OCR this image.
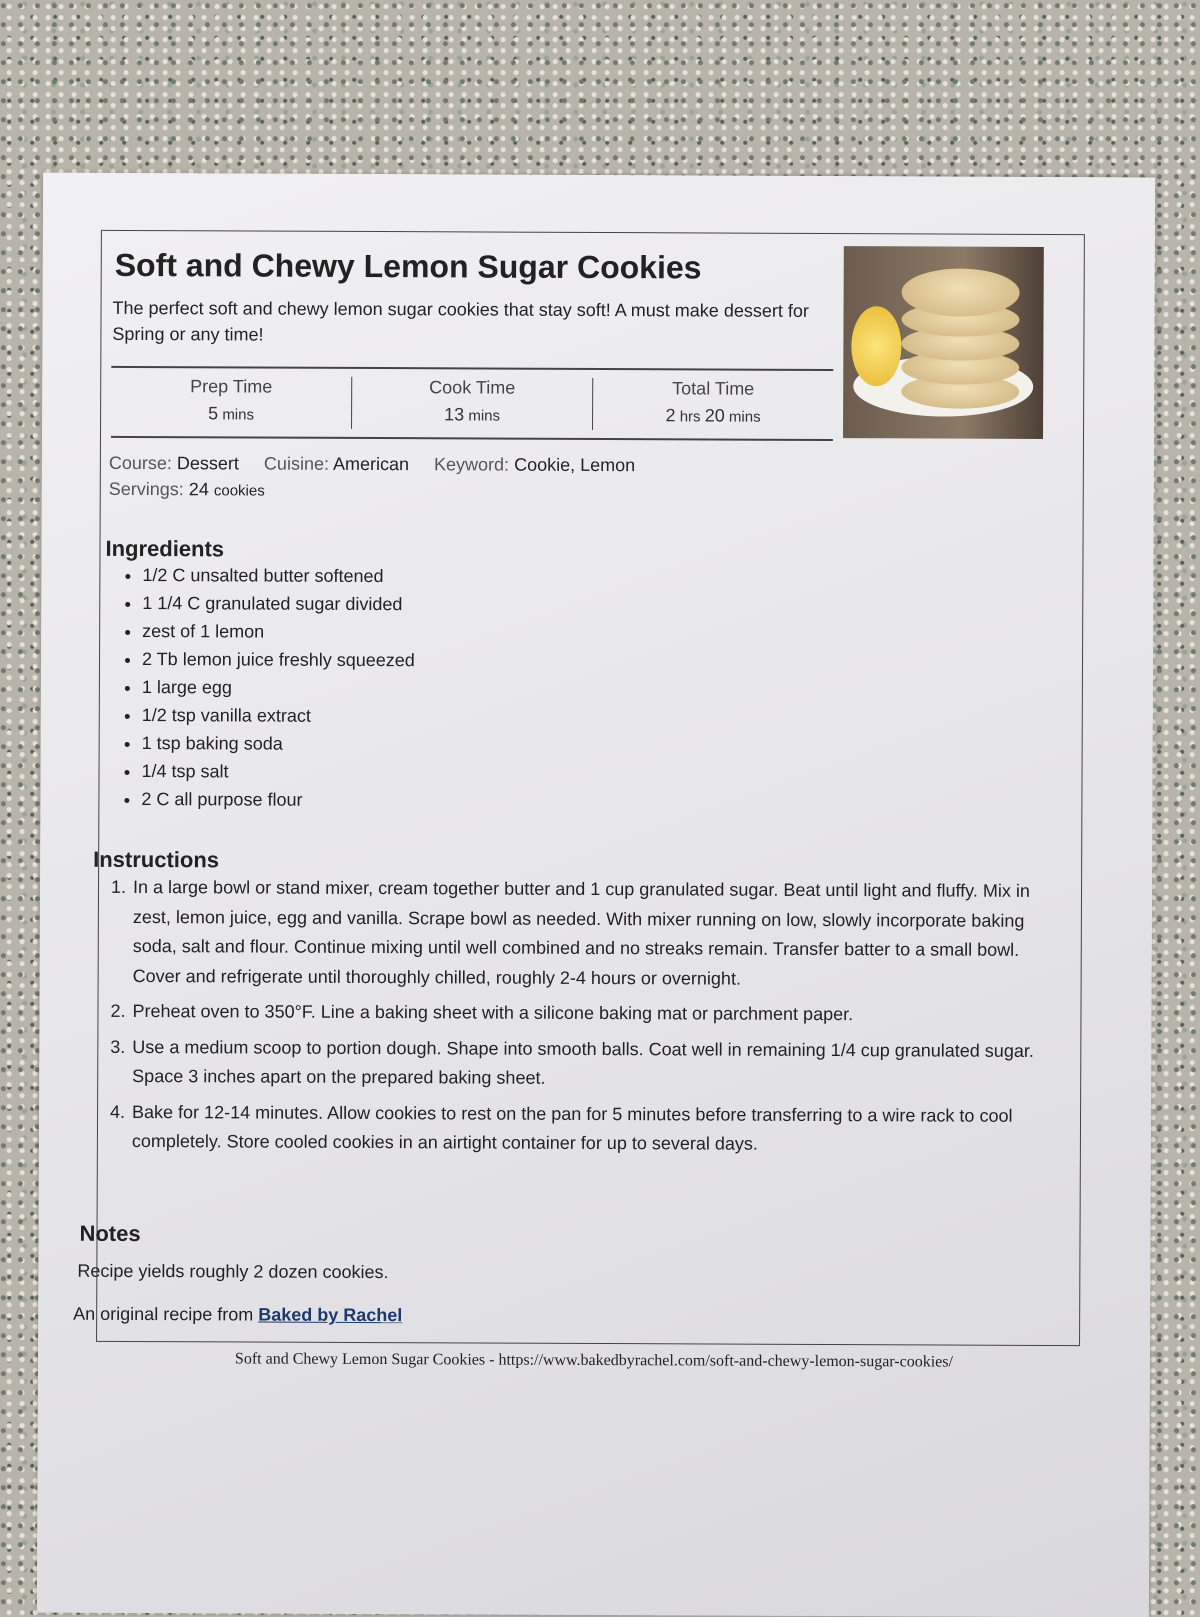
Soft and Chewy Lemon Sugar Cookies
The perfect soft and chewy lemon sugar cookies that stay soft! A must make dessert for Spring or any time!
Prep Time
5 mins
Cook Time
13 mins
Total Time
2 hrs 20 mins
Course: Dessert Cuisine: American Keyword: Cookie, Lemon
Servings: 24 cookies
Ingredients
• 1/2 C unsalted butter softened
• 1 1/4 C granulated sugar divided
• zest of 1 lemon
• 2 Tb lemon juice freshly squeezed
• 1 large egg
• 1/2 tsp vanilla extract
• 1 tsp baking soda
• 1/4 tsp salt
• 2 C all purpose flour
Instructions
1. In a large bowl or stand mixer, cream together butter and 1 cup granulated sugar. Beat until light and fluffy. Mix in zest, lemon juice, egg and vanilla. Scrape bowl as needed. With mixer running on low, slowly incorporate baking soda, salt and flour. Continue mixing until well combined and no streaks remain. Transfer batter to a small bowl. Cover and refrigerate until thoroughly chilled, roughly 2-4 hours or overnight.
2. Preheat oven to 350°F. Line a baking sheet with a silicone baking mat or parchment paper.
3. Use a medium scoop to portion dough. Shape into smooth balls. Coat well in remaining 1/4 cup granulated sugar. Space 3 inches apart on the prepared baking sheet.
4. Bake for 12-14 minutes. Allow cookies to rest on the pan for 5 minutes before transferring to a wire rack to cool completely. Store cooled cookies in an airtight container for up to several days.
Notes
Recipe yields roughly 2 dozen cookies.
An original recipe from Baked by Rachel
Soft and Chewy Lemon Sugar Cookies - https://www.bakedbyrachel.com/soft-and-chewy-lemon-sugar-cookies/
